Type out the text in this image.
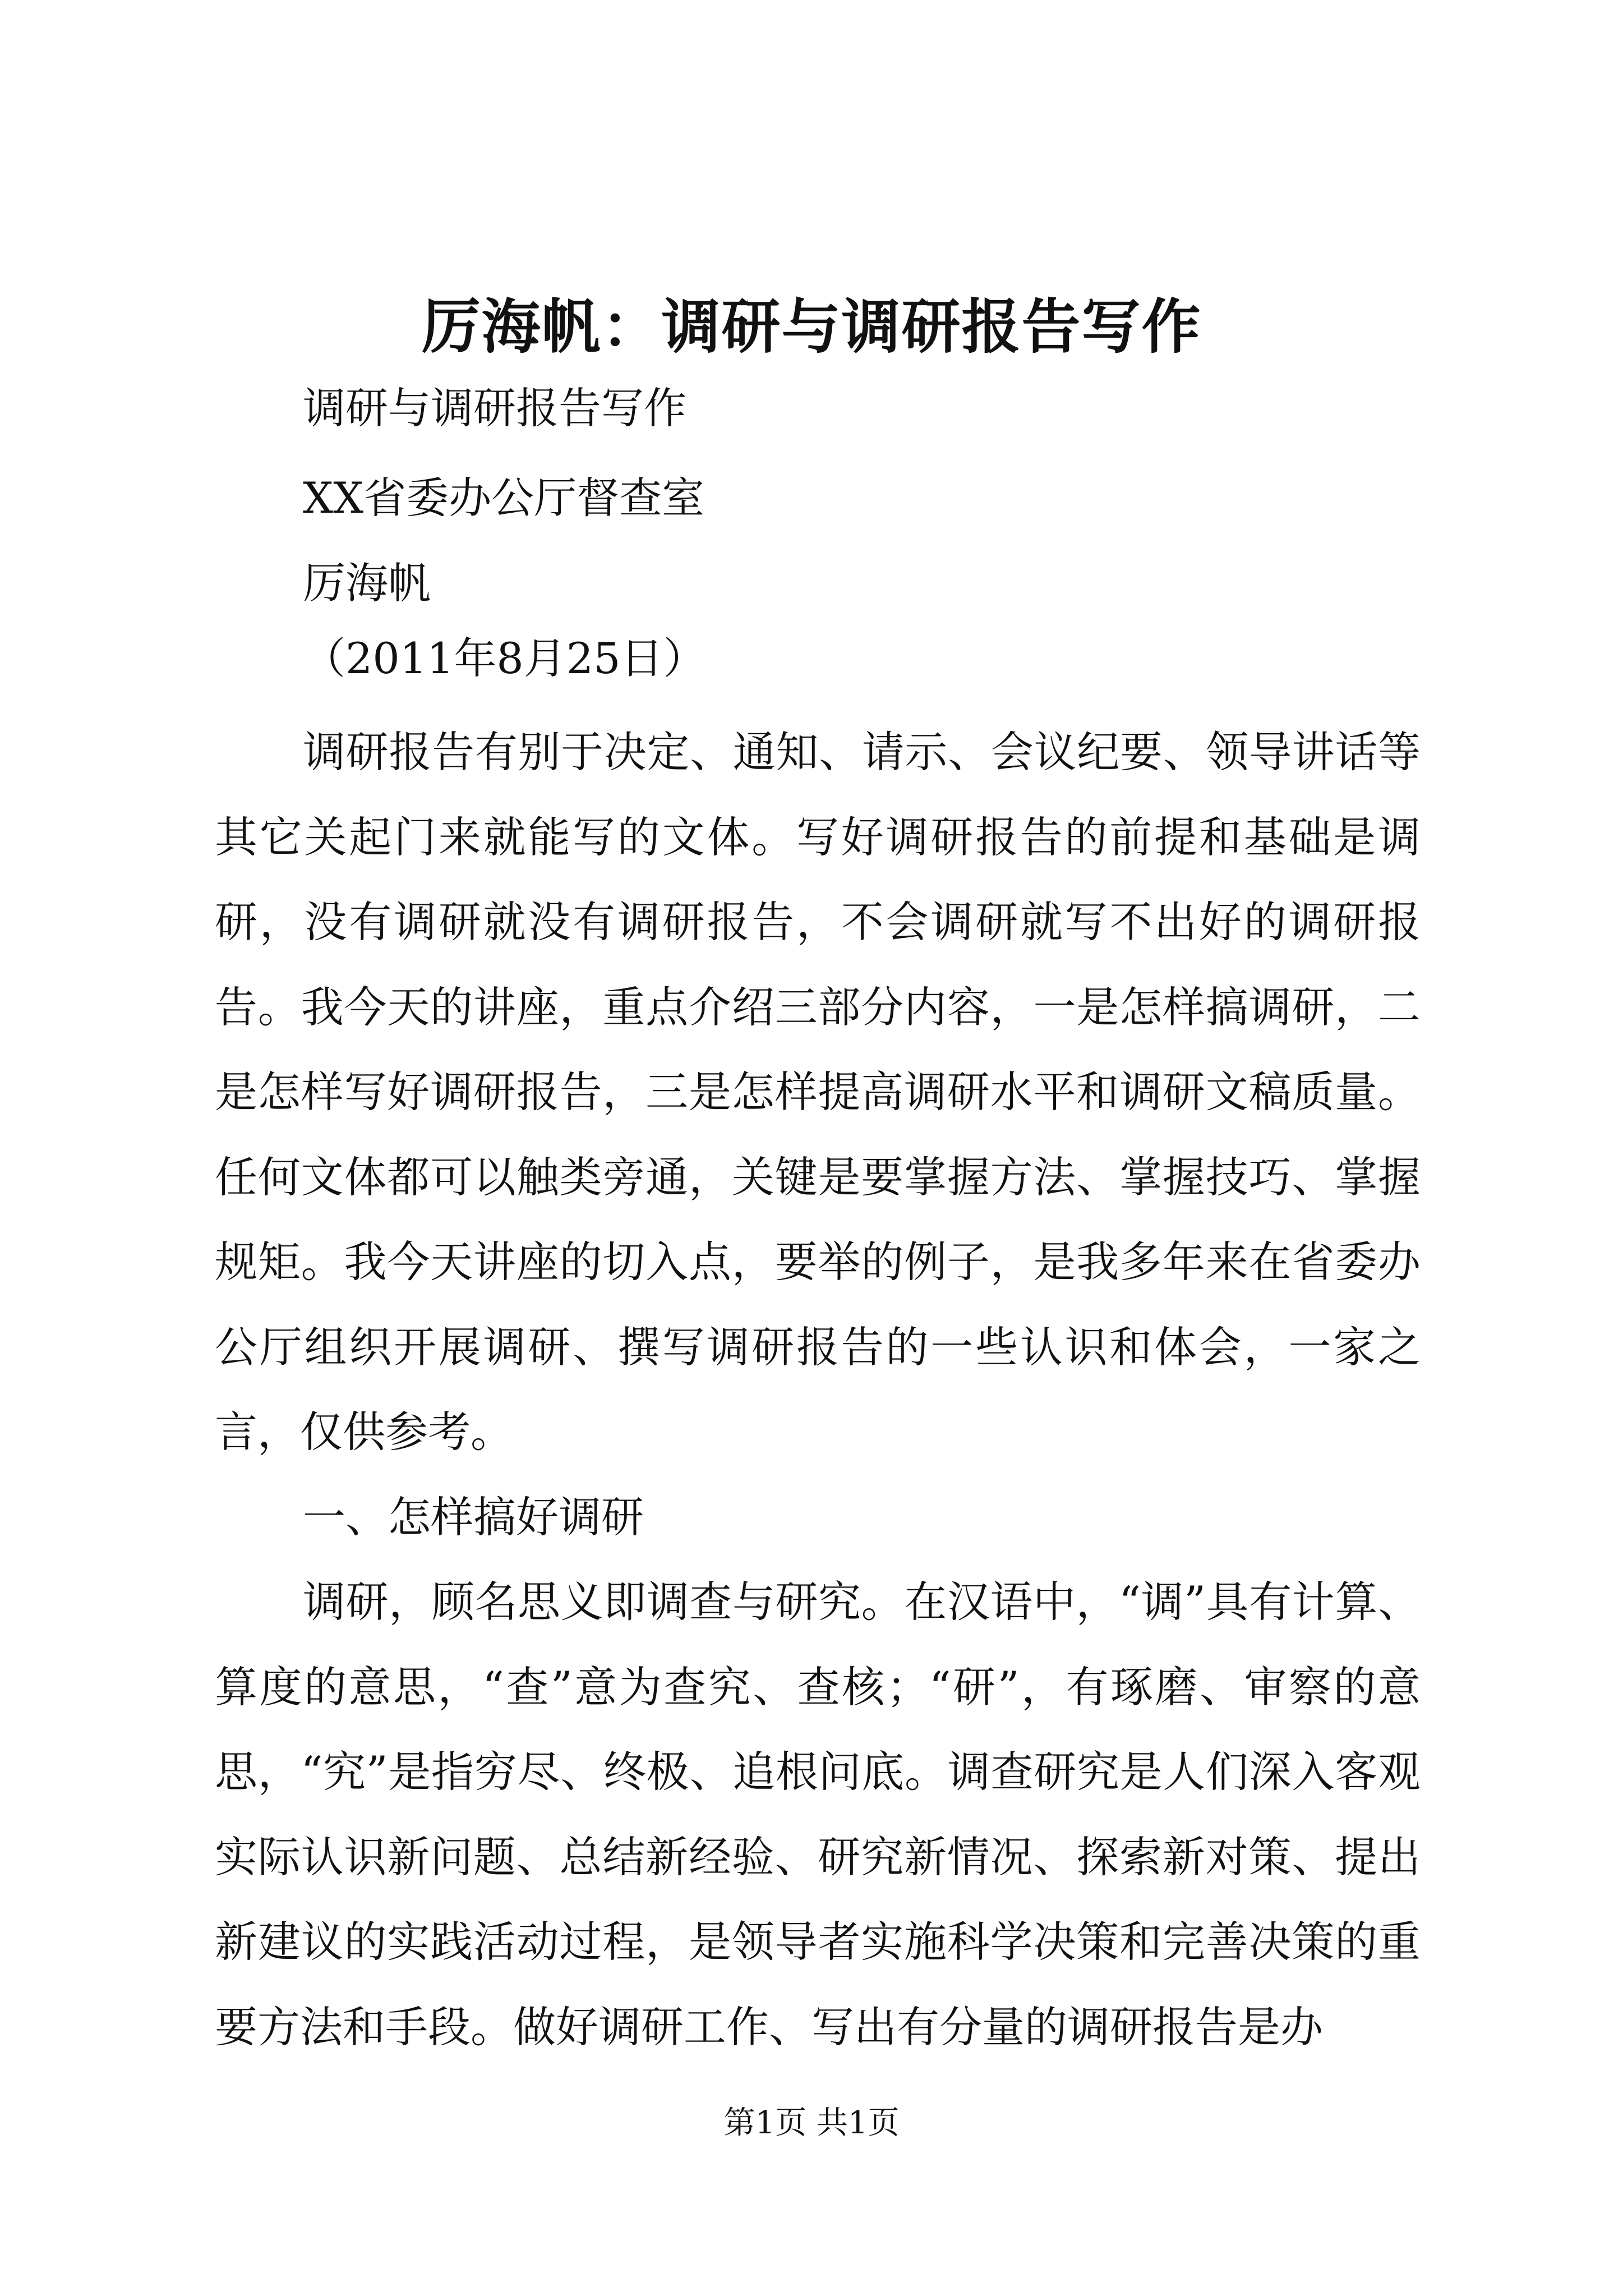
厉海帆：调研与调研报告写作
调研与调研报告写作
XX省委办公厅督查室
厉海帆
（2011年8月25日）

调研报告有别于决定、通知、请示、会议纪要、领导讲话等其它关起门来就能写的文体。写好调研报告的前提和基础是调研，没有调研就没有调研报告，不会调研就写不出好的调研报告。我今天的讲座，重点介绍三部分内容，一是怎样搞调研，二是怎样写好调研报告，三是怎样提高调研水平和调研文稿质量。任何文体都可以触类旁通，关键是要掌握方法、掌握技巧、掌握规矩。我今天讲座的切入点，要举的例子，是我多年来在省委办公厅组织开展调研、撰写调研报告的一些认识和体会，一家之言，仅供参考。

一、怎样搞好调研

调研，顾名思义即调查与研究。在汉语中，“调”具有计算、算度的意思，“查”意为查究、查核；“研”，有琢磨、审察的意思，“究”是指穷尽、终极、追根问底。调查研究是人们深入客观实际认识新问题、总结新经验、研究新情况、探索新对策、提出新建议的实践活动过程，是领导者实施科学决策和完善决策的重要方法和手段。做好调研工作、写出有分量的调研报告是办

第1页 共1页
